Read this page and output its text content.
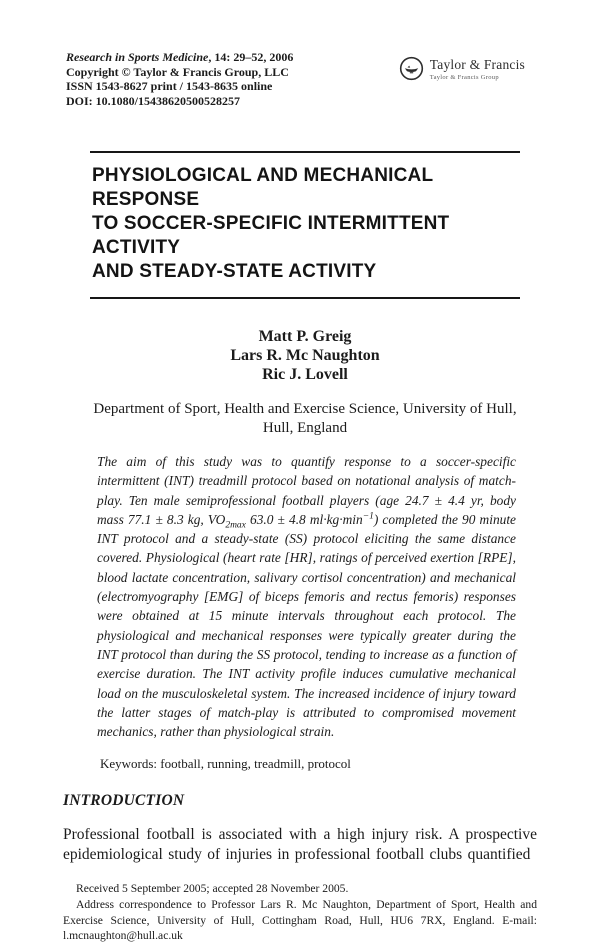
Research in Sports Medicine, 14: 29–52, 2006
Copyright © Taylor & Francis Group, LLC
ISSN 1543-8627 print / 1543-8635 online
DOI: 10.1080/15438620500528257
Taylor & Francis
Taylor & Francis Group
PHYSIOLOGICAL AND MECHANICAL RESPONSE
TO SOCCER-SPECIFIC INTERMITTENT ACTIVITY
AND STEADY-STATE ACTIVITY
Matt P. Greig
Lars R. Mc Naughton
Ric J. Lovell
Department of Sport, Health and Exercise Science, University of Hull,
Hull, England

The aim of this study was to quantify response to a soccer-specific intermittent (INT) treadmill protocol based on notational analysis of match-play. Ten male semiprofessional football players (age 24.7 ± 4.4 yr, body mass 77.1 ± 8.3 kg, $VO_{2max}$ 63.0 ± 4.8 $ml\cdot kg\cdot\min^{-1}$) completed the 90 minute INT protocol and a steady-state (SS) protocol eliciting the same distance covered. Physiological (heart rate [HR], ratings of perceived exertion [RPE], blood lactate concentration, salivary cortisol concentration) and mechanical (electromyography [EMG] of biceps femoris and rectus femoris) responses were obtained at 15 minute intervals throughout each protocol. The physiological and mechanical responses were typically greater during the INT protocol than during the SS protocol, tending to increase as a function of exercise duration. The INT activity profile induces cumulative mechanical load on the musculoskeletal system. The increased incidence of injury toward the latter stages of match-play is attributed to compromised movement mechanics, rather than physiological strain.

Keywords: football, running, treadmill, protocol
INTRODUCTION

Professional football is associated with a high injury risk. A prospective epidemiological study of injuries in professional football clubs quantified

Received 5 September 2005; accepted 28 November 2005.

Address correspondence to Professor Lars R. Mc Naughton, Department of Sport, Health and Exercise Science, University of Hull, Cottingham Road, Hull, HU6 7RX, England. E-mail: l.mcnaughton@hull.ac.uk
